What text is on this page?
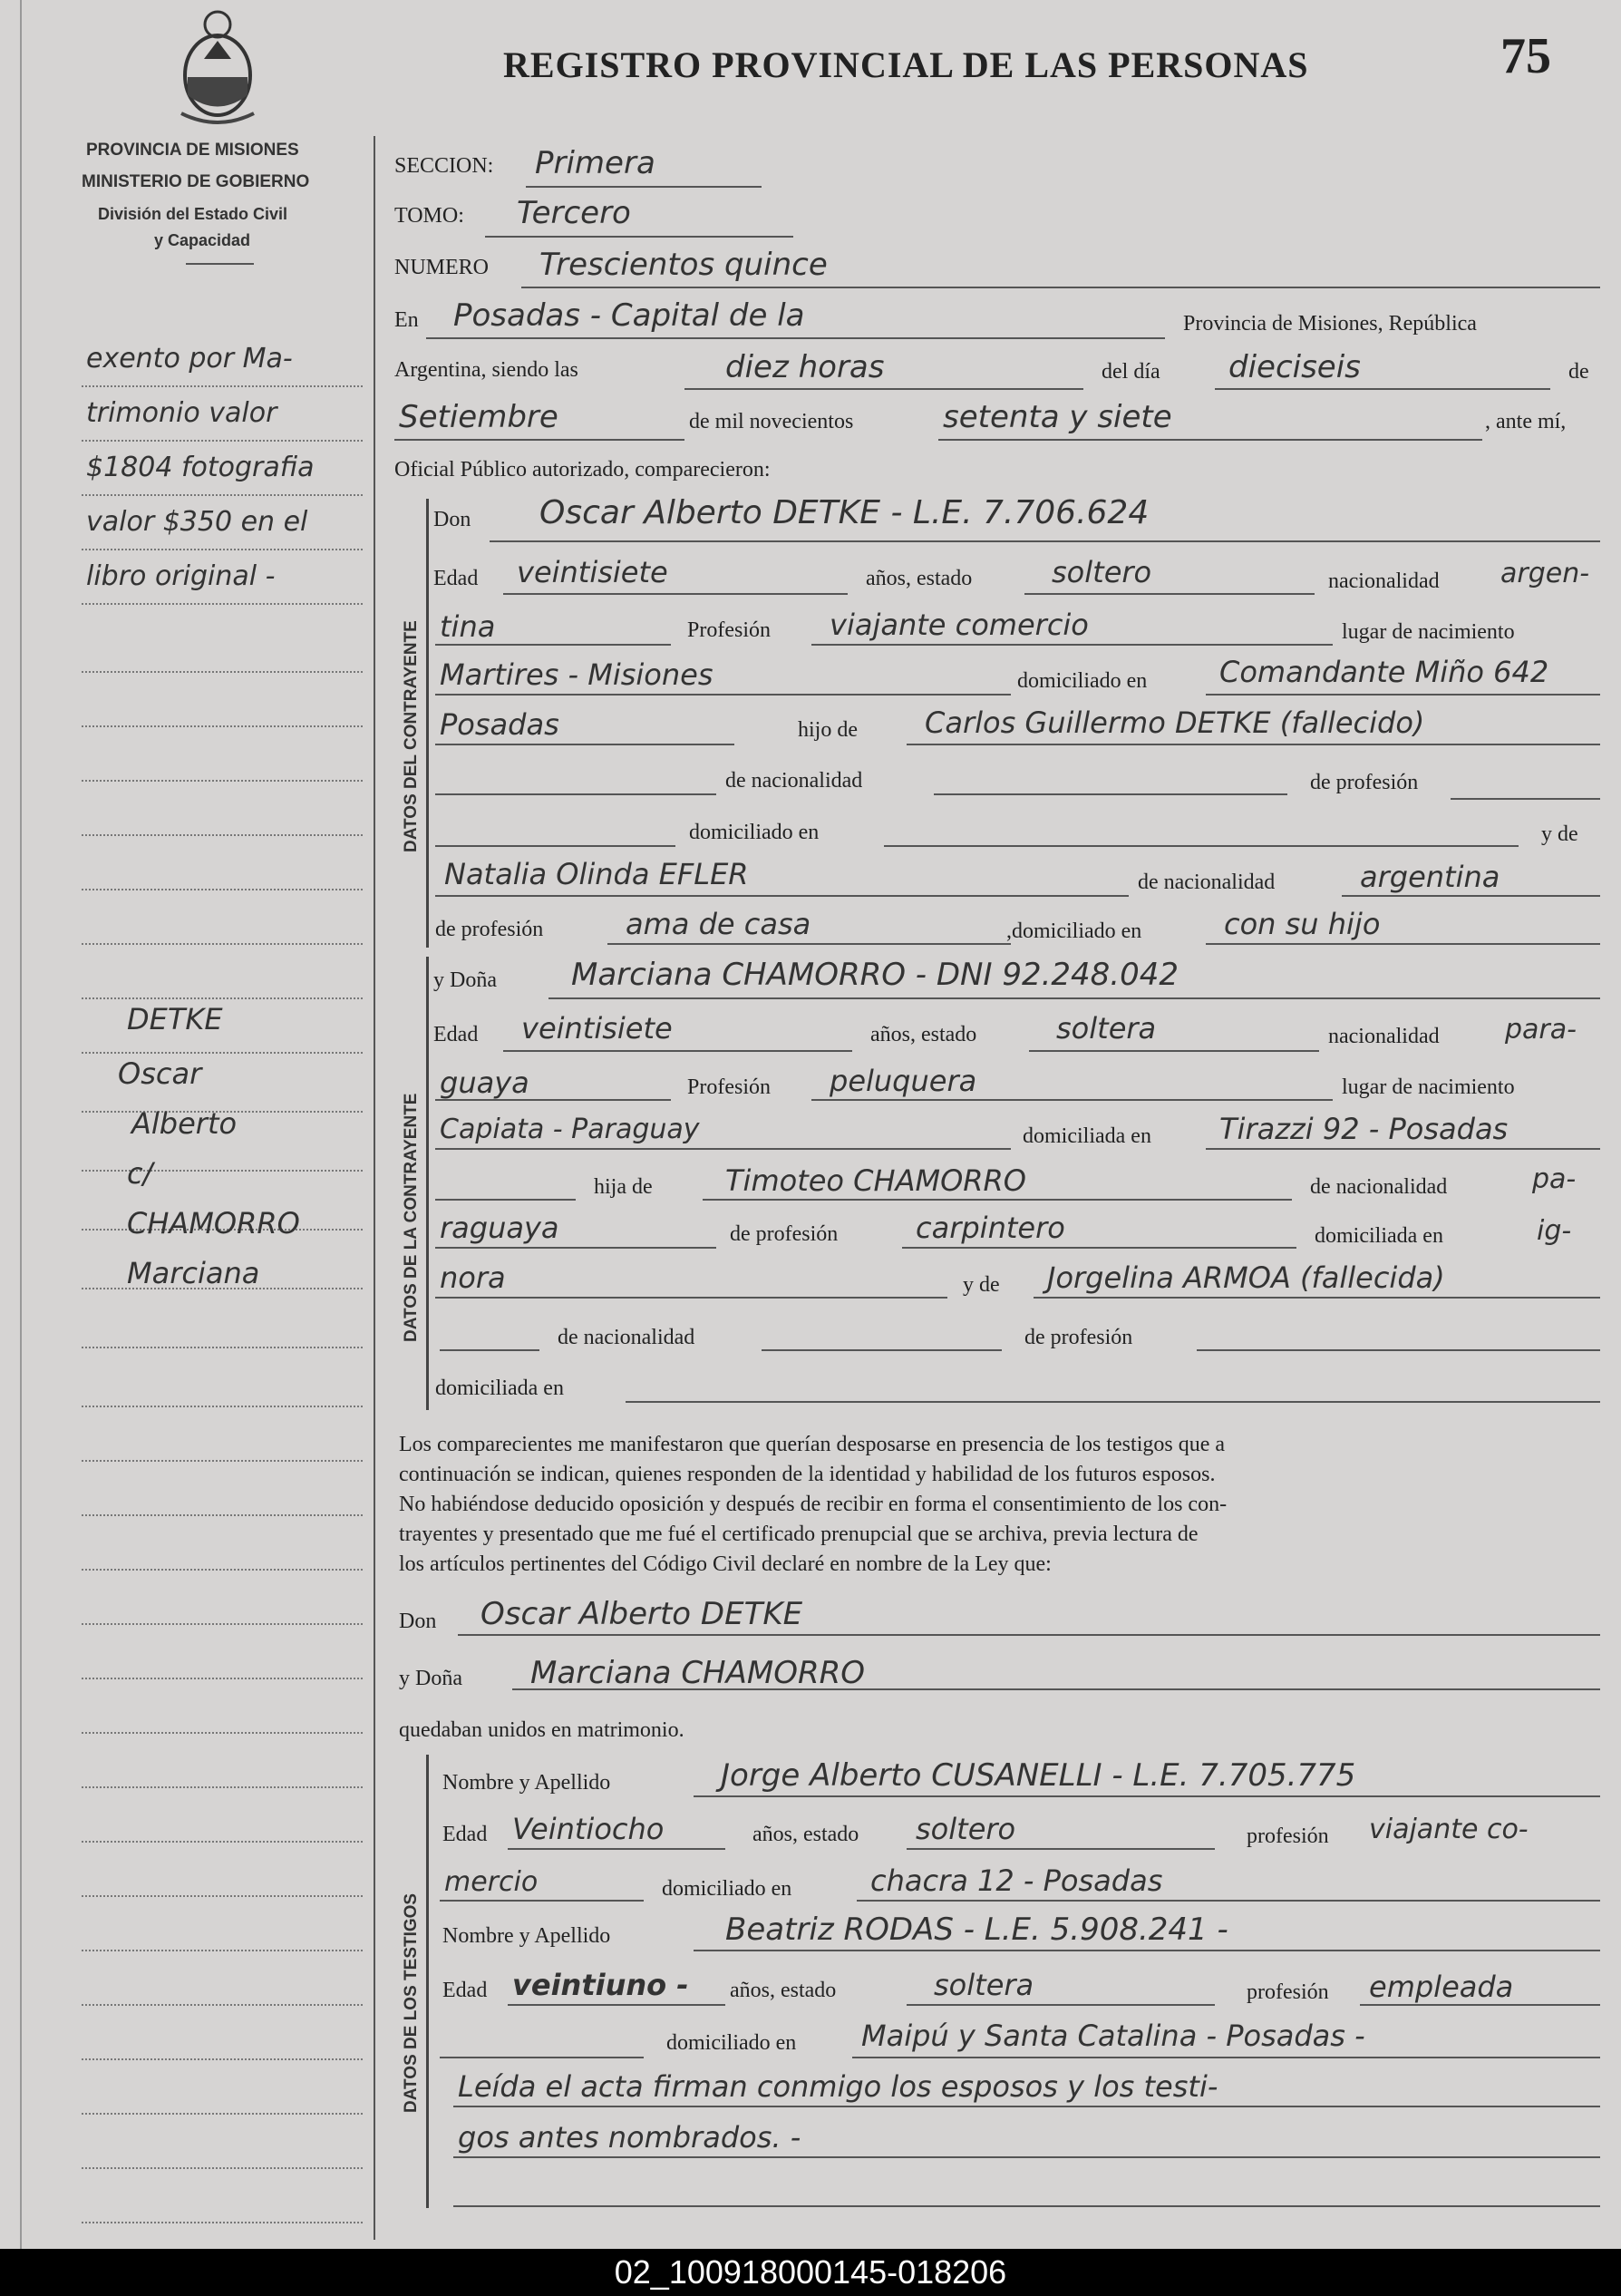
REGISTRO PROVINCIAL DE LAS PERSONAS	75
PROVINCIA DE MISIONES
MINISTERIO DE GOBIERNO
División del Estado Civil
y Capacidad
exento por Ma-
trimonio valor
$1804 fotografia
valor $350 en el
libro original -
DETKE
Oscar
Alberto
c/
CHAMORRO
Marciana
SECCION: Primera
TOMO: Tercero
NUMERO Trescientos quince
En Posadas - Capital de la	Provincia de Misiones, República
Argentina, siendo las	diez horas	del día dieciseis	de
Setiembre	de mil novecientos	setenta y siete	, ante mí,
Oficial Público autorizado, comparecieron:
DATOS DEL CONTRAYENTE
Don Oscar Alberto DETKE - L.E. 7.706.624
Edad veintisiete	años, estado	soltero	nacionalidad argen-
tina	Profesión viajante comercio	lugar de nacimiento
Martires - Misiones	domiciliado en Comandante Miño 642
Posadas	hijo de Carlos Guillermo DETKE (fallecido)
de nacionalidad	de profesión
domiciliado en	y de
Natalia Olinda EFLER	de nacionalidad	argentina
de profesión	ama de casa	,domiciliado en	con su hijo
DATOS DE LA CONTRAYENTE
y Doña Marciana CHAMORRO - DNI 92.248.042
Edad veintisiete	años, estado	soltera	nacionalidad para-
guaya	Profesión peluquera	lugar de nacimiento
Capiata - Paraguay	domiciliada en Tirazzi 92 - Posadas
hija de	Timoteo CHAMORRO	de nacionalidad	pa-
raguaya	de profesión	carpintero	domiciliada en	ig-
nora	y de Jorgelina ARMOA (fallecida)
de nacionalidad	de profesión
domiciliada en
Los comparecientes me manifestaron que querían desposarse en presencia de los testigos que a
continuación se indican, quienes responden de la identidad y habilidad de los futuros esposos.
No habiéndose deducido oposición y después de recibir en forma el consentimiento de los con-
trayentes y presentado que me fué el certificado prenupcial que se archiva, previa lectura de
los artículos pertinentes del Código Civil declaré en nombre de la Ley que:
Don Oscar Alberto DETKE
y Doña Marciana CHAMORRO
quedaban unidos en matrimonio.
DATOS DE LOS TESTIGOS
Nombre y Apellido	Jorge Alberto CUSANELLI - L.E. 7.705.775
Edad Veintiocho	años, estado soltero	profesión viajante co-
mercio	domiciliado en	chacra 12 - Posadas
Nombre y Apellido	Beatriz RODAS - L.E. 5.908.241 -
Edad veintiuno - años, estado	soltera	profesión empleada
domiciliado en Maipú y Santa Catalina - Posadas -
Leída el acta firman conmigo los esposos y los testi-
gos antes nombrados. -
02_100918000145-018206
